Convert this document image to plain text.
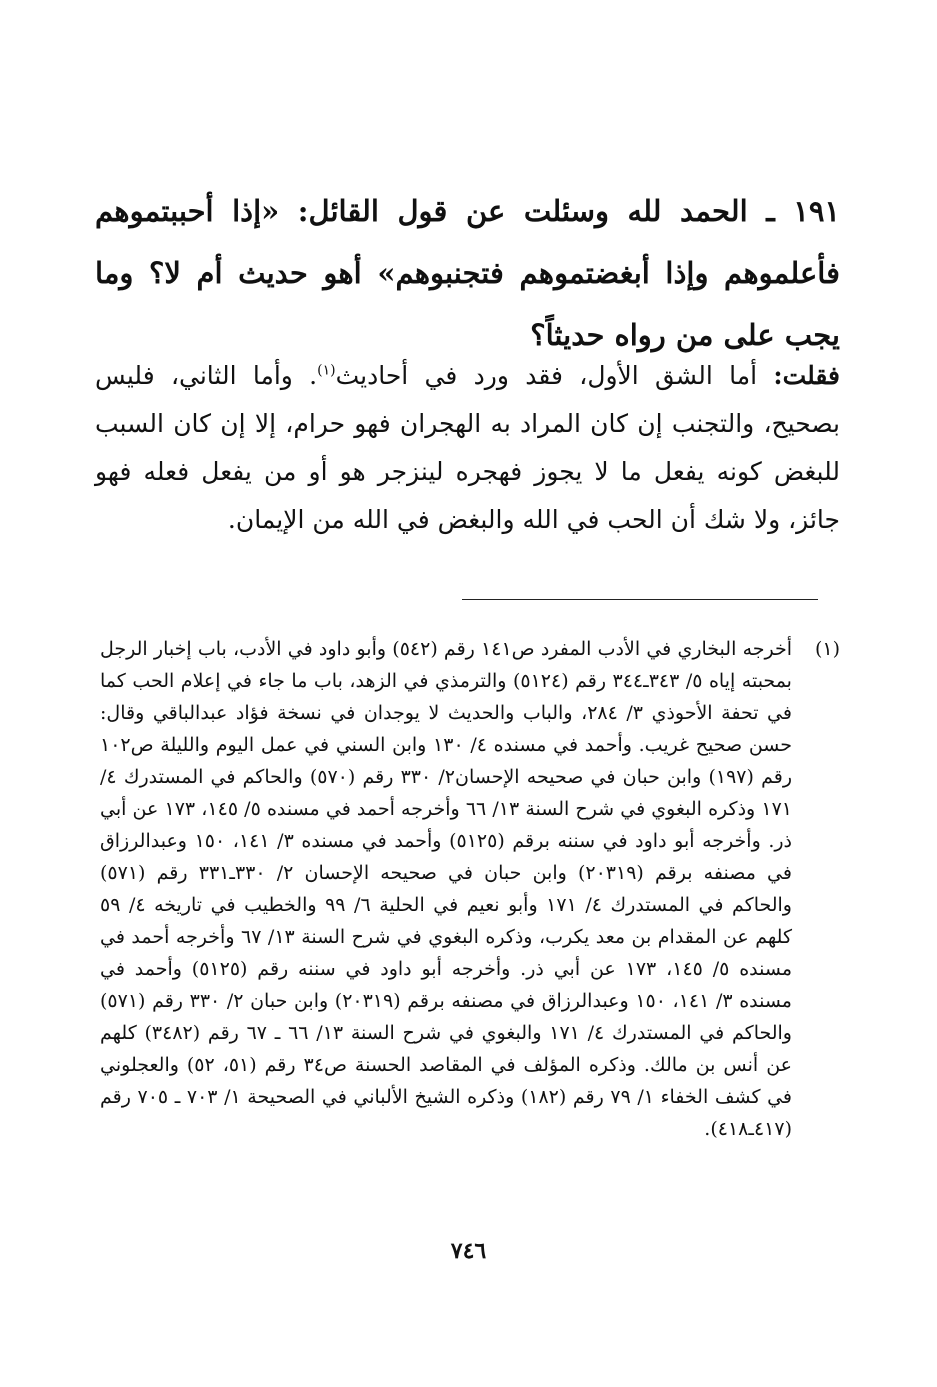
١٩١ ـ الحمد لله وسئلت عن قول القائل: «إذا أحببتموهم فأعلموهم وإذا أبغضتموهم فتجنبوهم» أهو حديث أم لا؟ وما يجب على من رواه حديثاً؟
فقلت: أما الشق الأول، فقد ورد في أحاديث$^{(١)}$. وأما الثاني، فليس بصحيح، والتجنب إن كان المراد به الهجران فهو حرام، إلا إن كان السبب للبغض كونه يفعل ما لا يجوز فهجره لينزجر هو أو من يفعل فعله فهو جائز، ولا شك أن الحب في الله والبغض في الله من الإيمان.
(١)
أخرجه البخاري في الأدب المفرد ص١٤١ رقم (٥٤٢) وأبو داود في الأدب، باب إخبار الرجل بمحبته إياه ٥/ ٣٤٣ـ٣٤٤ رقم (٥١٢٤) والترمذي في الزهد، باب ما جاء في إعلام الحب كما في تحفة الأحوذي ٣/ ٢٨٤، والباب والحديث لا يوجدان في نسخة فؤاد عبدالباقي وقال: حسن صحيح غريب. وأحمد في مسنده ٤/ ١٣٠ وابن السني في عمل اليوم والليلة ص١٠٢ رقم (١٩٧) وابن حبان في صحيحه الإحسان٢/ ٣٣٠ رقم (٥٧٠) والحاكم في المستدرك ٤/ ١٧١ وذكره البغوي في شرح السنة ١٣/ ٦٦ وأخرجه أحمد في مسنده ٥/ ١٤٥، ١٧٣ عن أبي ذر. وأخرجه أبو داود في سننه برقم (٥١٢٥) وأحمد في مسنده ٣/ ١٤١، ١٥٠ وعبدالرزاق في مصنفه برقم (٢٠٣١٩) وابن حبان في صحيحه الإحسان ٢/ ٣٣٠ـ٣٣١ رقم (٥٧١) والحاكم في المستدرك ٤/ ١٧١ وأبو نعيم في الحلية ٦/ ٩٩ والخطيب في تاريخه ٤/ ٥٩ كلهم عن المقدام بن معد يكرب، وذكره البغوي في شرح السنة ١٣/ ٦٧ وأخرجه أحمد في مسنده ٥/ ١٤٥، ١٧٣ عن أبي ذر. وأخرجه أبو داود في سننه رقم (٥١٢٥) وأحمد في مسنده ٣/ ١٤١، ١٥٠ وعبدالرزاق في مصنفه برقم (٢٠٣١٩) وابن حبان ٢/ ٣٣٠ رقم (٥٧١) والحاكم في المستدرك ٤/ ١٧١ والبغوي في شرح السنة ١٣/ ٦٦ ـ ٦٧ رقم (٣٤٨٢) كلهم عن أنس بن مالك. وذكره المؤلف في المقاصد الحسنة ص٣٤ رقم (٥١، ٥٢) والعجلوني في كشف الخفاء ١/ ٧٩ رقم (١٨٢) وذكره الشيخ الألباني في الصحيحة ١/ ٧٠٣ ـ ٧٠٥ رقم (٤١٧ـ٤١٨).
٧٤٦
